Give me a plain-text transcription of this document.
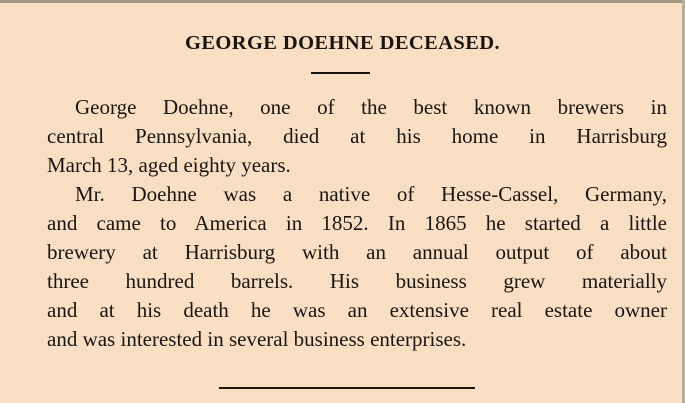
GEORGE DOEHNE DECEASED.

George Doehne, one of the best known brewers in
central Pennsylvania, died at his home in Harrisburg
March 13, aged eighty years.

Mr. Doehne was a native of Hesse-Cassel, Germany,
and came to America in 1852. In 1865 he started a little
brewery at Harrisburg with an annual output of about
three hundred barrels. His business grew materially
and at his death he was an extensive real estate owner
and was interested in several business enterprises.
